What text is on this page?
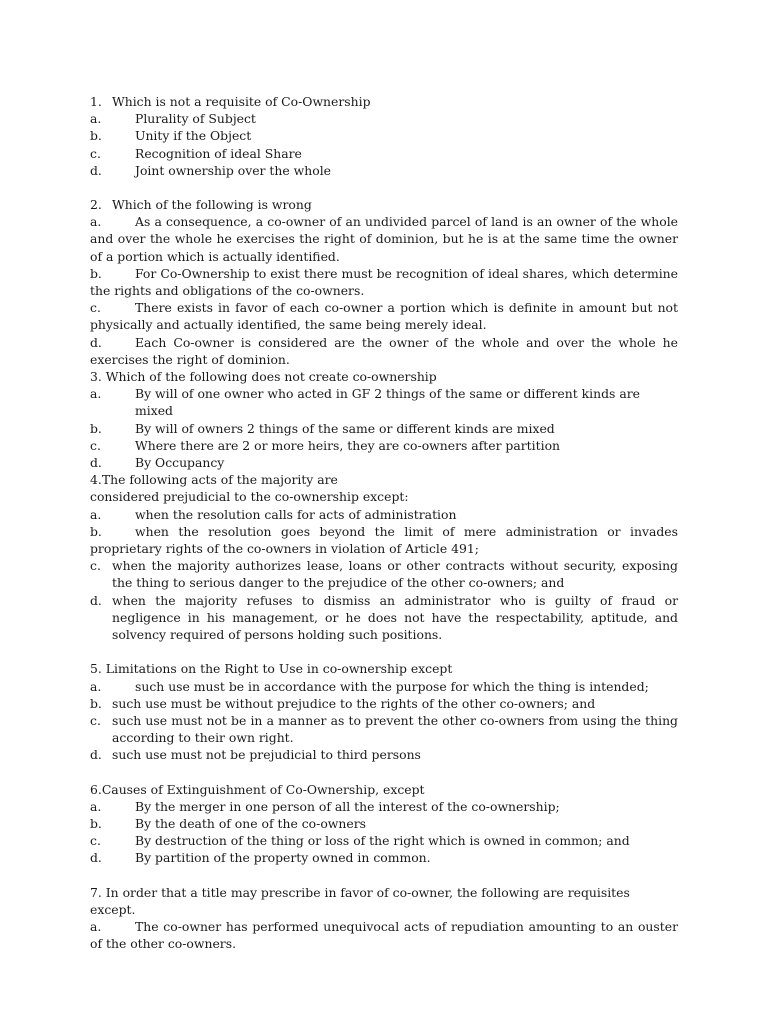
1. Which is not a requisite of Co-Ownership
a.	Plurality of Subject
b.	Unity if the Object
c.	Recognition of ideal Share
d.	Joint ownership over the whole
2. Which of the following is wrong
a.	As a consequence, a co-owner of an undivided parcel of land is an owner of the whole and over the whole he exercises the right of dominion, but he is at the same time the owner of a portion which is actually identified.
b.	For Co-Ownership to exist there must be recognition of ideal shares, which determine the rights and obligations of the co-owners.
c.	There exists in favor of each co-owner a portion which is definite in amount but not physically and actually identified, the same being merely ideal.
d.	Each Co-owner is considered are the owner of the whole and over the whole he exercises the right of dominion.
3. Which of the following does not create co-ownership
a.	By will of one owner who acted in GF 2 things of the same or different kinds are mixed
b.	By will of owners 2 things of the same or different kinds are mixed
c.	Where there are 2 or more heirs, they are co-owners after partition
d.	By Occupancy
4.The following acts of the majority are
considered prejudicial to the co-ownership except:
a.	when the resolution calls for acts of administration
b.	when the resolution goes beyond the limit of mere administration or invades proprietary rights of the co-owners in violation of Article 491;
c. when the majority authorizes lease, loans or other contracts without security, exposing the thing to serious danger to the prejudice of the other co-owners; and
d. when the majority refuses to dismiss an administrator who is guilty of fraud or negligence in his management, or he does not have the respectability, aptitude, and solvency required of persons holding such positions.
5. Limitations on the Right to Use in co-ownership except
a.	such use must be in accordance with the purpose for which the thing is intended;
b. such use must be without prejudice to the rights of the other co-owners; and
c. such use must not be in a manner as to prevent the other co-owners from using the thing according to their own right.
d. such use must not be prejudicial to third persons
6.Causes of Extinguishment of Co-Ownership, except
a.	By the merger in one person of all the interest of the co-ownership;
b.	By the death of one of the co-owners
c.	By destruction of the thing or loss of the right which is owned in common; and
d.	By partition of the property owned in common.
7. In order that a title may prescribe in favor of co-owner, the following are requisites except.
a.	The co-owner has performed unequivocal acts of repudiation amounting to an ouster of the other co-owners.
